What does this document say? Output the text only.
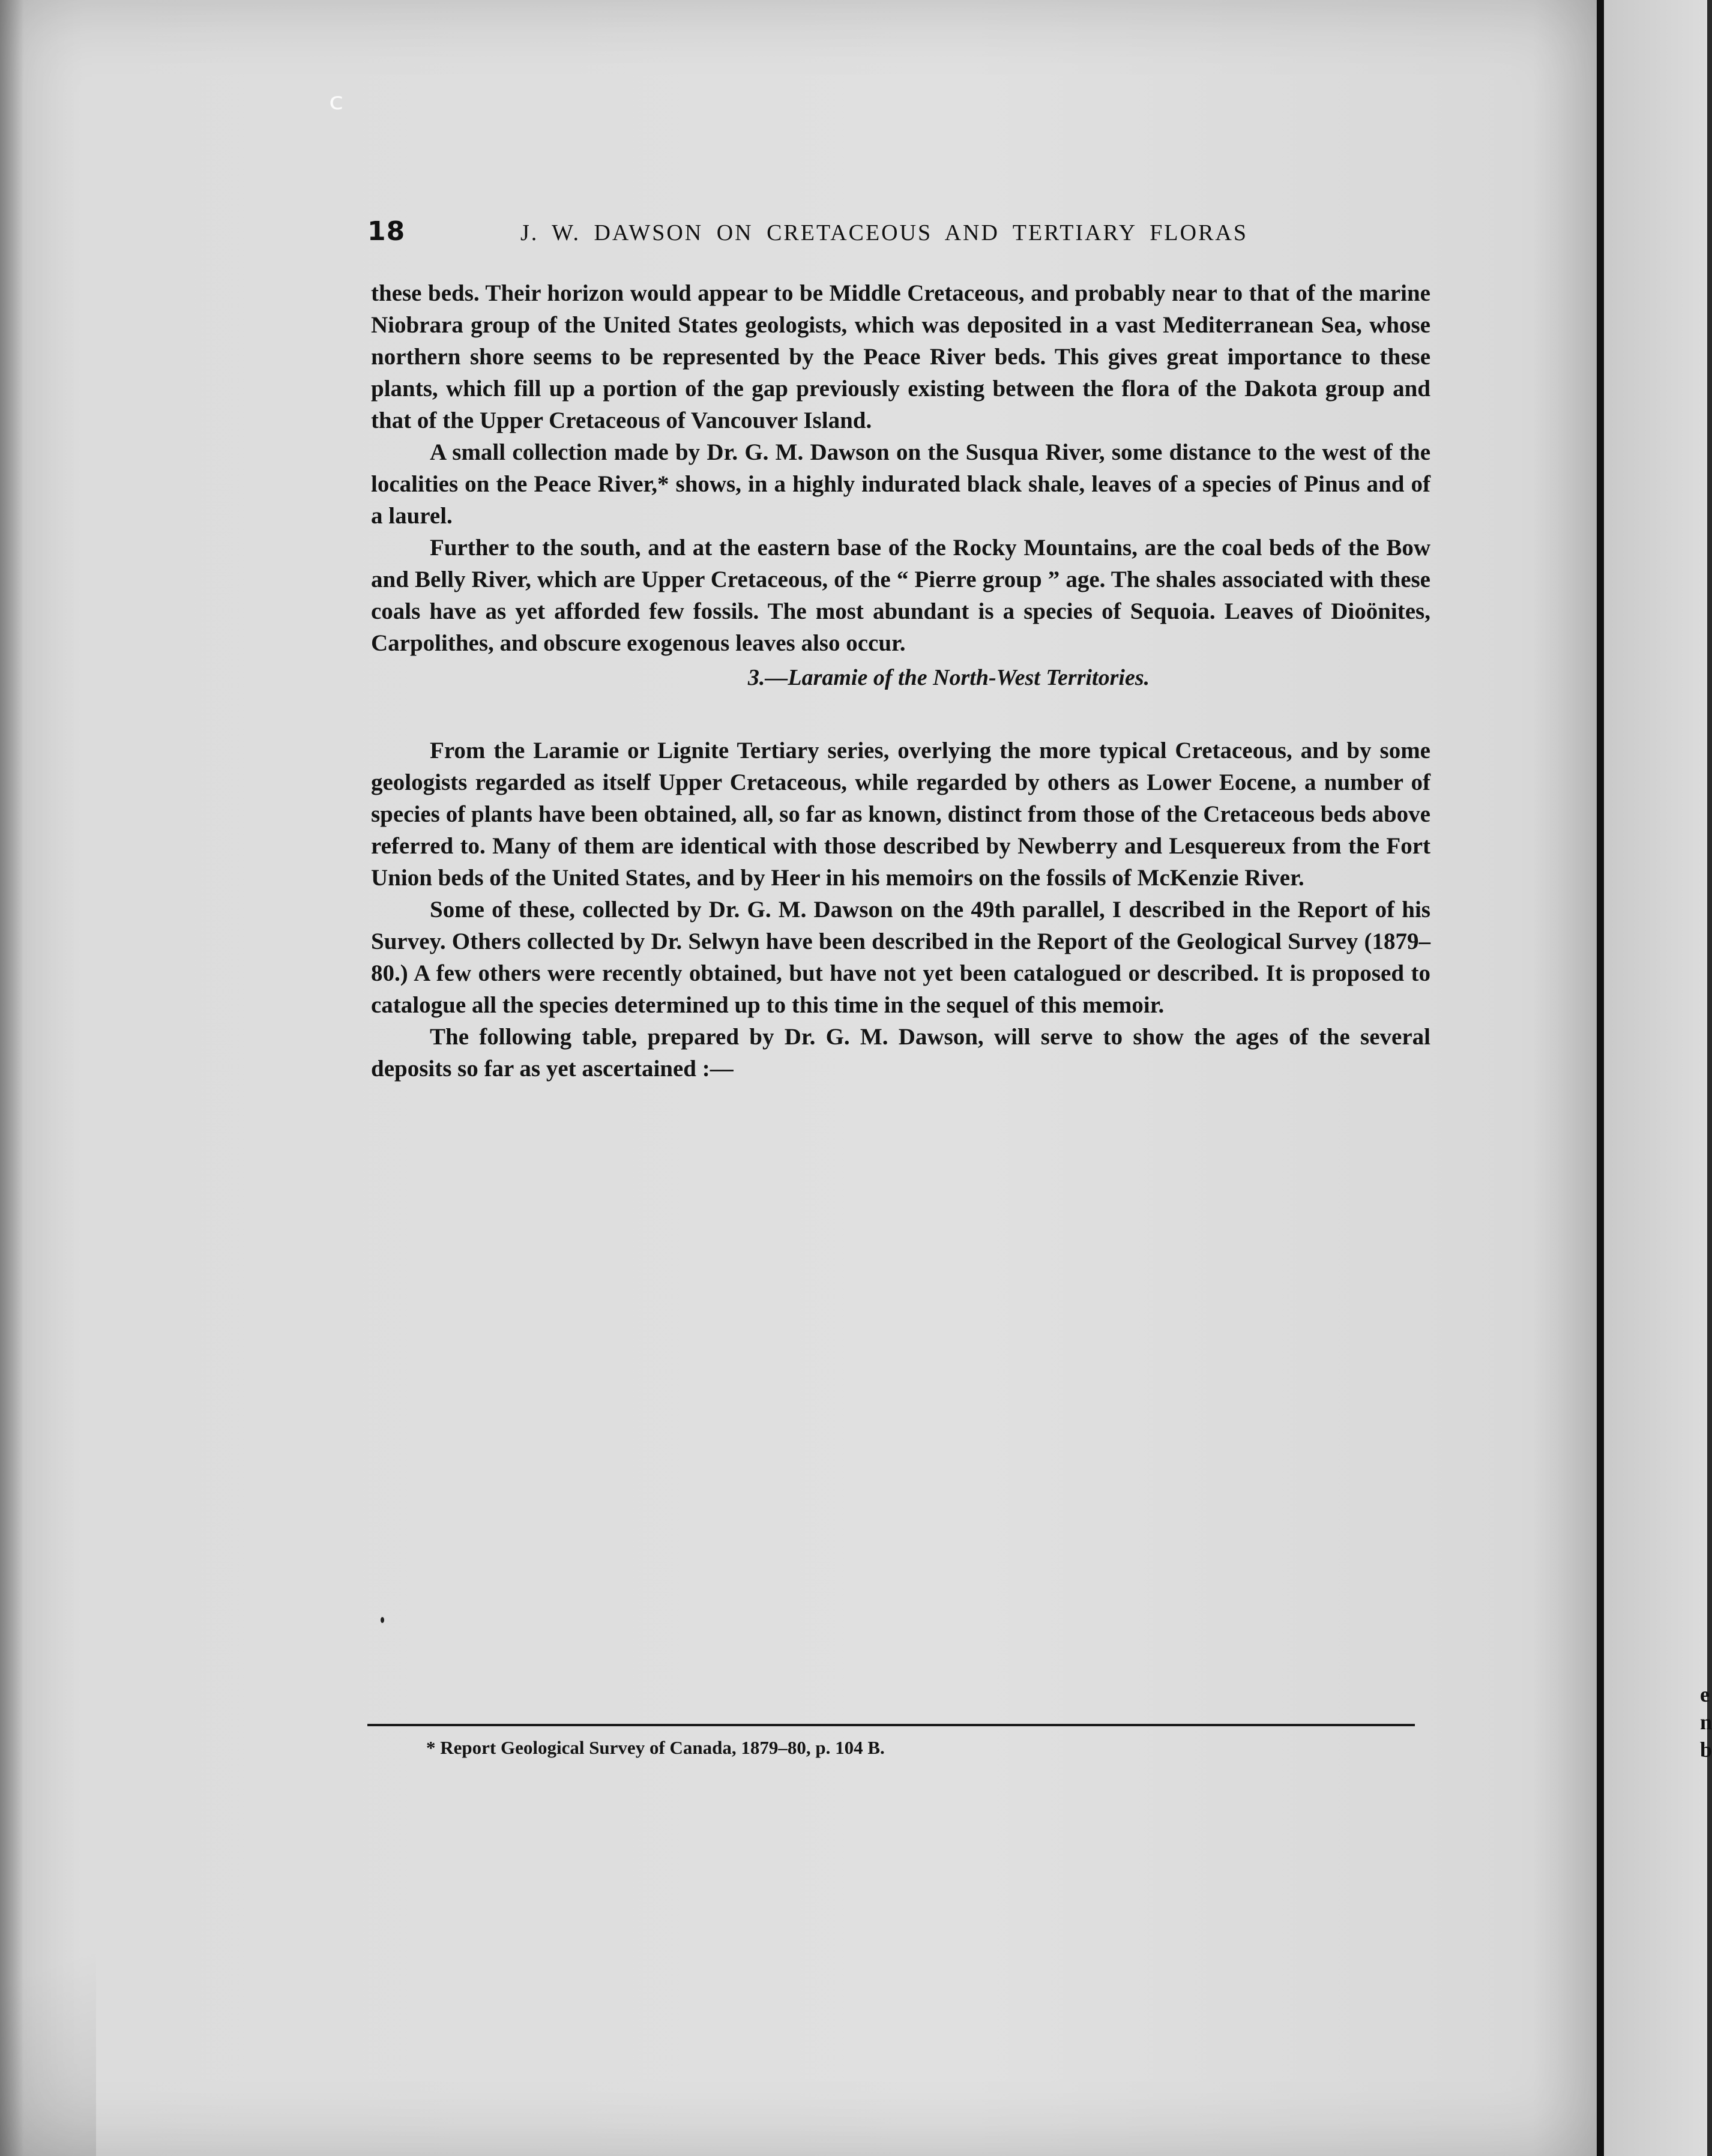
ᶜ
18	J. W. DAWSON ON CRETACEOUS AND TERTIARY FLORAS

these beds. Their horizon would appear to be Middle Cretaceous, and probably near to that of the marine Niobrara group of the United States geologists, which was deposited in a vast Mediterranean Sea, whose northern shore seems to be represented by the Peace River beds. This gives great importance to these plants, which fill up a portion of the gap previously existing between the flora of the Dakota group and that of the Upper Cretaceous of Vancouver Island.

A small collection made by Dr. G. M. Dawson on the Susqua River, some distance to the west of the localities on the Peace River,* shows, in a highly indurated black shale, leaves of a species of Pinus and of a laurel.

Further to the south, and at the eastern base of the Rocky Mountains, are the coal beds of the Bow and Belly River, which are Upper Cretaceous, of the “ Pierre group ” age. The shales associated with these coals have as yet afforded few fossils. The most abundant is a species of Sequoia. Leaves of Dioönites, Carpolithes, and obscure exogenous leaves also occur.

3.—Laramie of the North-West Territories.

From the Laramie or Lignite Tertiary series, overlying the more typical Cretaceous, and by some geologists regarded as itself Upper Cretaceous, while regarded by others as Lower Eocene, a number of species of plants have been obtained, all, so far as known, distinct from those of the Cretaceous beds above referred to. Many of them are identical with those described by Newberry and Lesquereux from the Fort Union beds of the United States, and by Heer in his memoirs on the fossils of McKenzie River.

Some of these, collected by Dr. G. M. Dawson on the 49th parallel, I described in the Report of his Survey. Others collected by Dr. Selwyn have been described in the Report of the Geological Survey (1879–80.) A few others were recently obtained, but have not yet been catalogued or described. It is proposed to catalogue all the species determined up to this time in the sequel of this memoir.

The following table, prepared by Dr. G. M. Dawson, will serve to show the ages of the several deposits so far as yet ascertained :—

* Report Geological Survey of Canada, 1879–80, p. 104 B.
e
n
b
